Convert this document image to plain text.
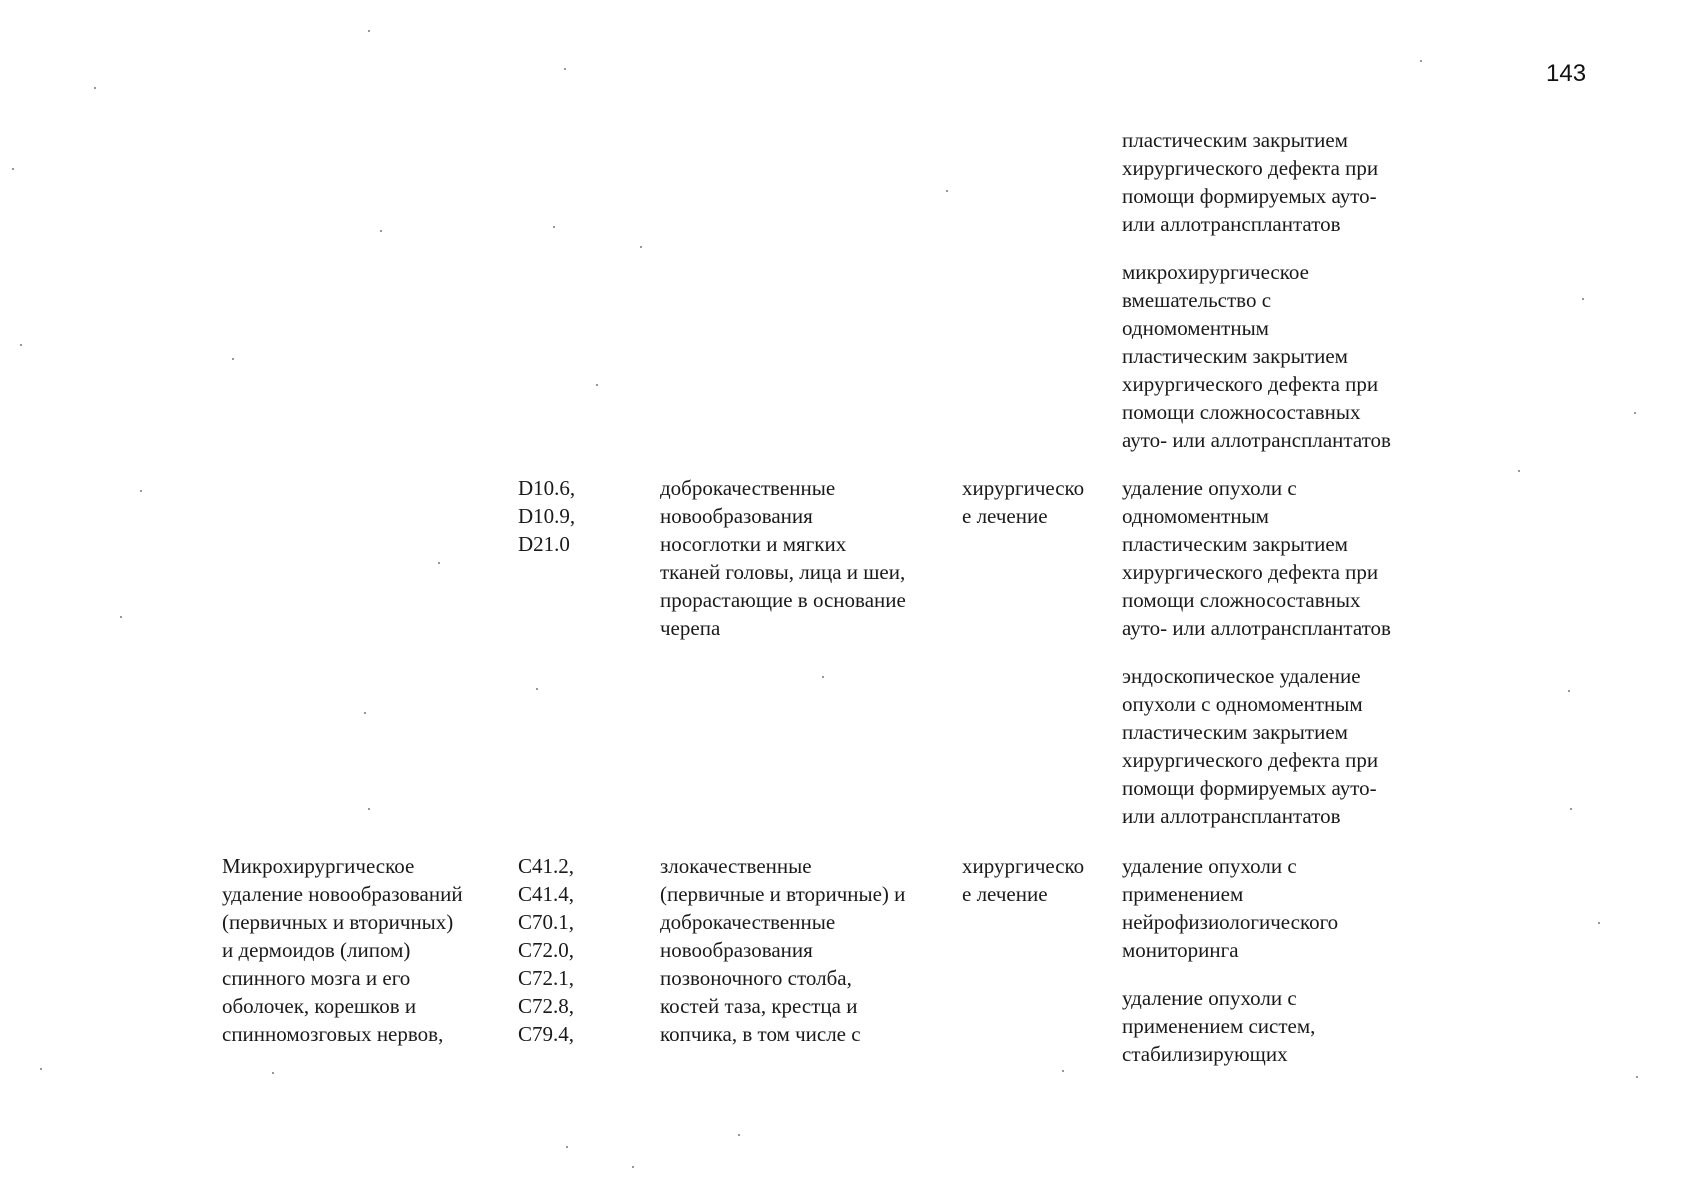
143

пластическим закрытием
хирургического дефекта при
помощи формируемых ауто-
или аллотрансплантатов

микрохирургическое
вмешательство с
одномоментным
пластическим закрытием
хирургического дефекта при
помощи сложносоставных
ауто- или аллотрансплантатов

D10.6,
D10.9,
D21.0

доброкачественные
новообразования
носоглотки и мягких
тканей головы, лица и шеи,
прорастающие в основание
черепа

хирургическо
е лечение

удаление опухоли с
одномоментным
пластическим закрытием
хирургического дефекта при
помощи сложносоставных
ауто- или аллотрансплантатов

эндоскопическое удаление
опухоли с одномоментным
пластическим закрытием
хирургического дефекта при
помощи формируемых ауто-
или аллотрансплантатов

Микрохирургическое
удаление новообразований
(первичных и вторичных)
и дермоидов (липом)
спинного мозга и его
оболочек, корешков и
спинномозговых нервов,

C41.2,
C41.4,
C70.1,
C72.0,
C72.1,
C72.8,
C79.4,

злокачественные
(первичные и вторичные) и
доброкачественные
новообразования
позвоночного столба,
костей таза, крестца и
копчика, в том числе с

хирургическо
е лечение

удаление опухоли с
применением
нейрофизиологического
мониторинга

удаление опухоли с
применением систем,
стабилизирующих
